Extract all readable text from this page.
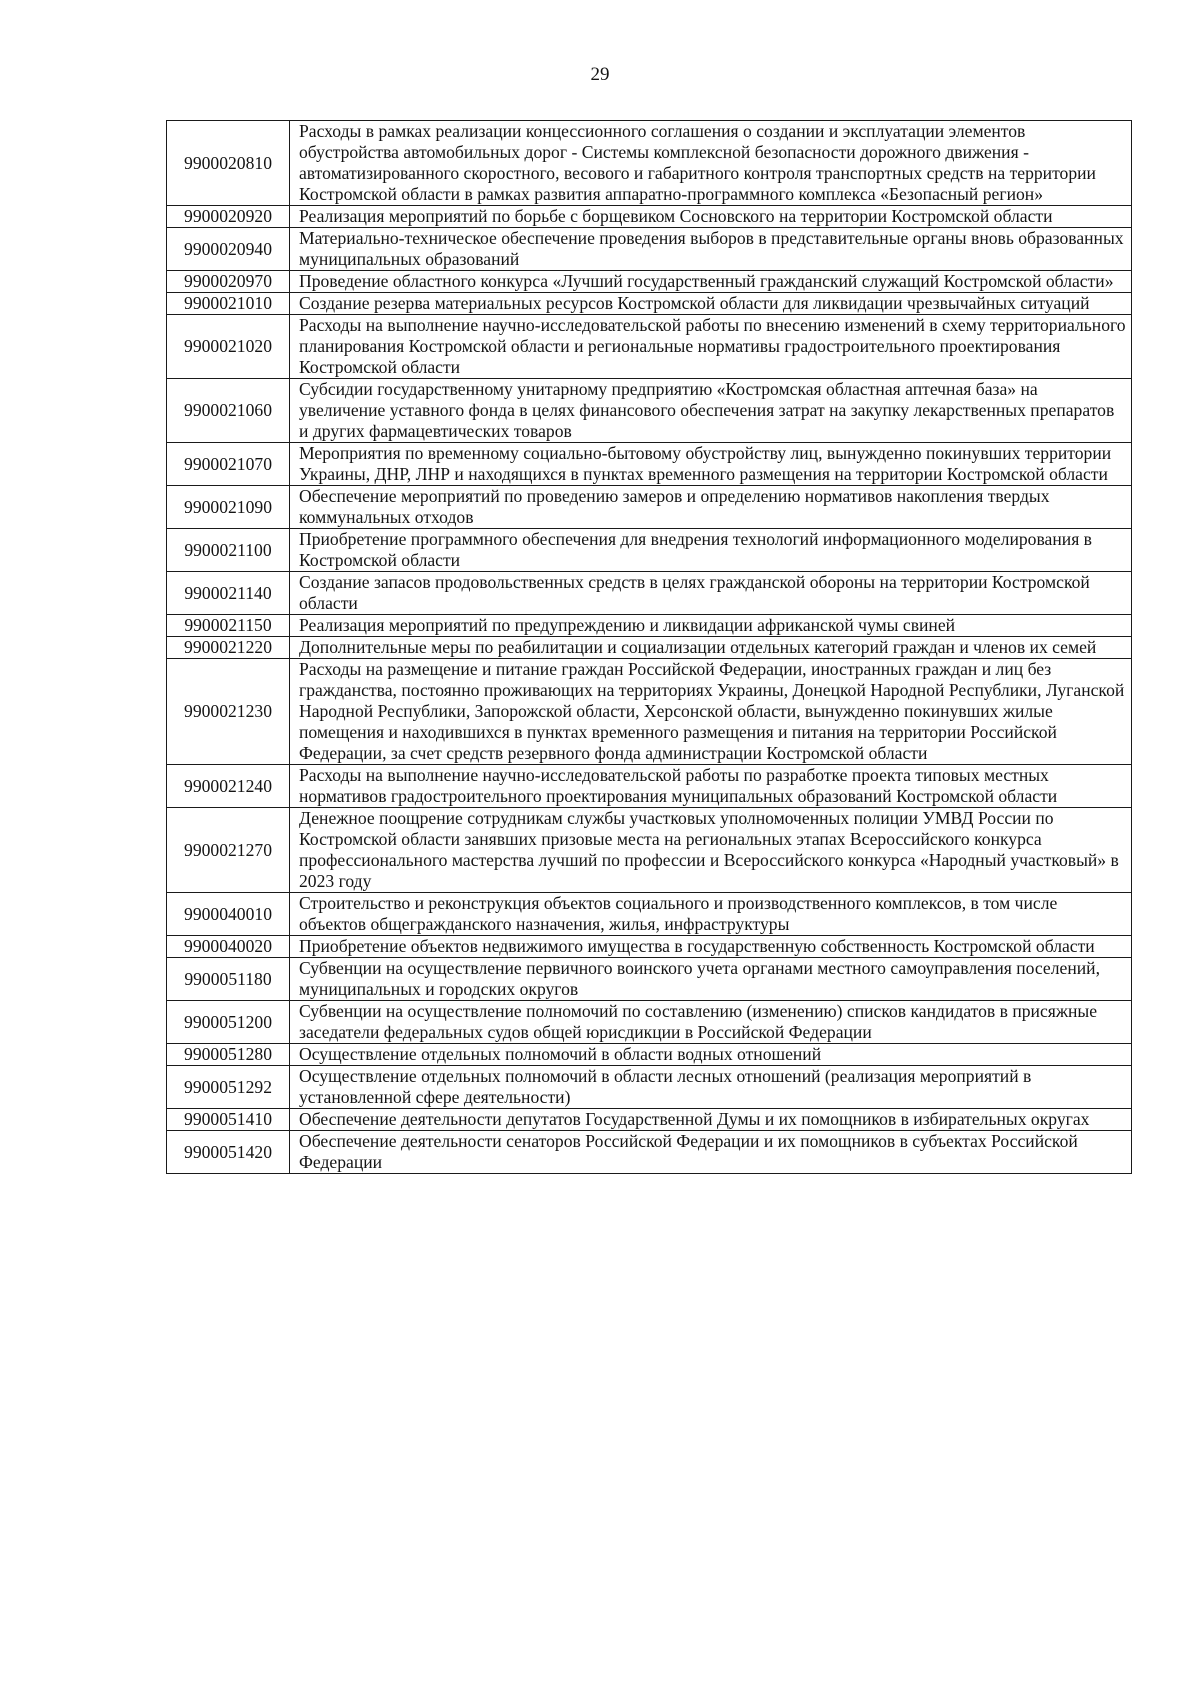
29
9900020810	Расходы в рамках реализации концессионного соглашения о создании и эксплуатации элементов обустройства автомобильных дорог - Системы комплексной безопасности дорожного движения - автоматизированного скоростного, весового и габаритного контроля транспортных средств на территории Костромской области в рамках развития аппаратно-программного комплекса «Безопасный регион»
9900020920	Реализация мероприятий по борьбе с борщевиком Сосновского на территории Костромской области
9900020940	Материально-техническое обеспечение проведения выборов в представительные органы вновь образованных муниципальных образований
9900020970	Проведение областного конкурса «Лучший государственный гражданский служащий Костромской области»
9900021010	Создание резерва материальных ресурсов Костромской области для ликвидации чрезвычайных ситуаций
9900021020	Расходы на выполнение научно-исследовательской работы по внесению изменений в схему территориального планирования Костромской области и региональные нормативы градостроительного проектирования Костромской области
9900021060	Субсидии государственному унитарному предприятию «Костромская областная аптечная база» на увеличение уставного фонда в целях финансового обеспечения затрат на закупку лекарственных препаратов и других фармацевтических товаров
9900021070	Мероприятия по временному социально-бытовому обустройству лиц, вынужденно покинувших территории Украины, ДНР, ЛНР и находящихся в пунктах временного размещения на территории Костромской области
9900021090	Обеспечение мероприятий по проведению замеров и определению нормативов накопления твердых коммунальных отходов
9900021100	Приобретение программного обеспечения для внедрения технологий информационного моделирования в Костромской области
9900021140	Создание запасов продовольственных средств в целях гражданской обороны на территории Костромской области
9900021150	Реализация мероприятий по предупреждению и ликвидации африканской чумы свиней
9900021220	Дополнительные меры по реабилитации и социализации отдельных категорий граждан и членов их семей
9900021230	Расходы на размещение и питание граждан Российской Федерации, иностранных граждан и лиц без гражданства, постоянно проживающих на территориях Украины, Донецкой Народной Республики, Луганской Народной Республики, Запорожской области, Херсонской области, вынужденно покинувших жилые помещения и находившихся в пунктах временного размещения и питания на территории Российской Федерации, за счет средств резервного фонда администрации Костромской области
9900021240	Расходы на выполнение научно-исследовательской работы по разработке проекта типовых местных нормативов градостроительного проектирования муниципальных образований Костромской области
9900021270	Денежное поощрение сотрудникам службы участковых уполномоченных полиции УМВД России по Костромской области занявших призовые места на региональных этапах Всероссийского конкурса профессионального мастерства лучший по профессии и Всероссийского конкурса «Народный участковый» в 2023 году
9900040010	Строительство и реконструкция объектов социального и производственного комплексов, в том числе объектов общегражданского назначения, жилья, инфраструктуры
9900040020	Приобретение объектов недвижимого имущества в государственную собственность Костромской области
9900051180	Субвенции на осуществление первичного воинского учета органами местного самоуправления поселений, муниципальных и городских округов
9900051200	Субвенции на осуществление полномочий по составлению (изменению) списков кандидатов в присяжные заседатели федеральных судов общей юрисдикции в Российской Федерации
9900051280	Осуществление отдельных полномочий в области водных отношений
9900051292	Осуществление отдельных полномочий в области лесных отношений (реализация мероприятий в установленной сфере деятельности)
9900051410	Обеспечение деятельности депутатов Государственной Думы и их помощников в избирательных округах
9900051420	Обеспечение деятельности сенаторов Российской Федерации и их помощников в субъектах Российской Федерации
